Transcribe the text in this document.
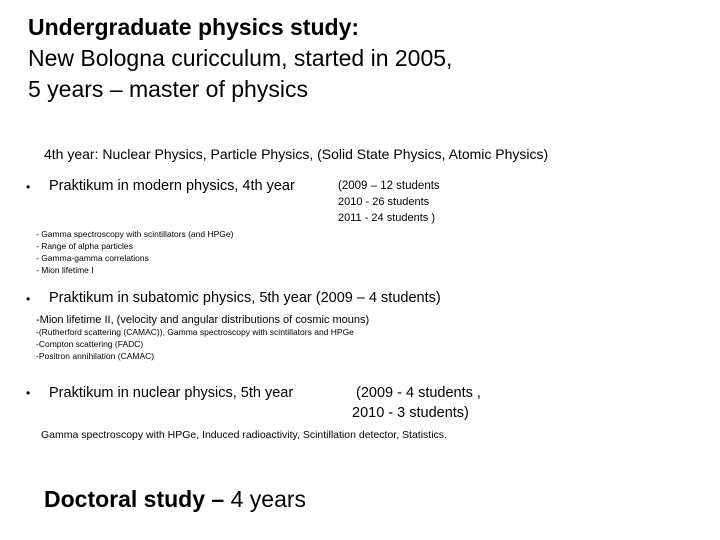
Undergraduate physics study:
New Bologna curicculum, started in 2005,
5 years – master of physics
4th year: Nuclear Physics, Particle Physics, (Solid State Physics, Atomic Physics)
• Praktikum in modern physics, 4th year	(2009 – 12 students
2010 - 26 students
2011 - 24 students )
- Gamma spectroscopy with scintillators (and HPGe)
- Range of alpha particles
- Gamma-gamma correlations
- Mion lifetime I
• Praktikum in subatomic physics, 5th year (2009 – 4 students)
-Mion lifetime II, (velocity and angular distributions of cosmic mouns)
-(Rutherford scattering (CAMAC)), Gamma spectroscopy with scintillators and HPGe
-Compton scattering (FADC)
-Positron annihilation (CAMAC)
• Praktikum in nuclear physics, 5th year	(2009 - 4 students ,
2010 - 3 students)
Gamma spectroscopy with HPGe, Induced radioactivity, Scintillation detector, Statistics.
Doctoral study – 4 years
